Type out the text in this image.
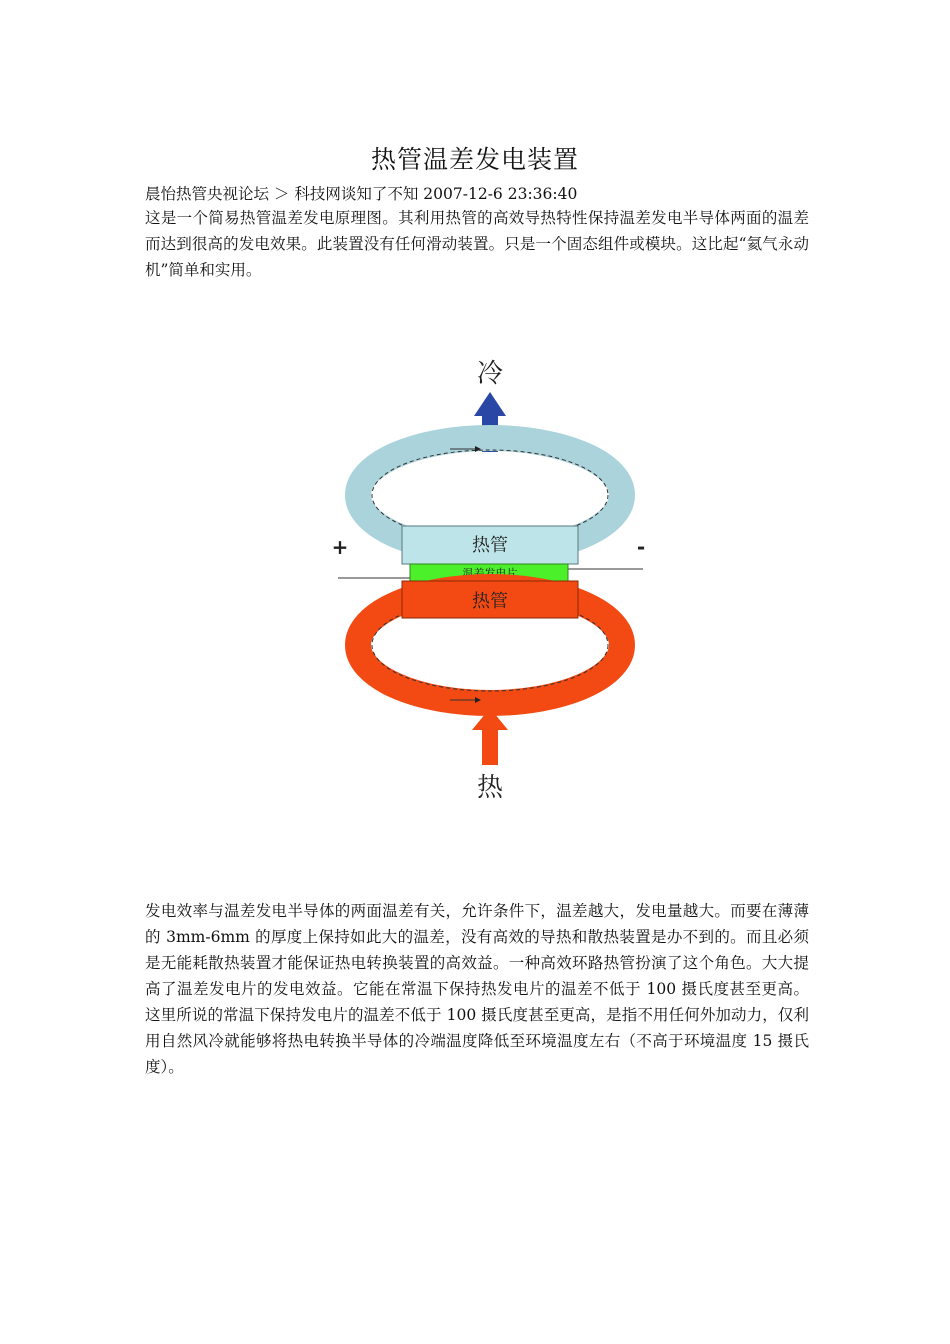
热管温差发电装置
晨怡热管央视论坛 ＞ 科技网谈知了不知 2007-12-6 23:36:40
这是一个简易热管温差发电原理图。其利用热管的高效导热特性保持温差发电半导体两面的温差而达到很高的发电效果。此装置没有任何滑动装置。只是一个固态组件或模块。这比起“氦气永动机”简单和实用。
冷
热管
+	-
温差发电片
热管
热
发电效率与温差发电半导体的两面温差有关，允许条件下，温差越大，发电量越大。而要在薄薄的 3mm-6mm 的厚度上保持如此大的温差，没有高效的导热和散热装置是办不到的。而且必须是无能耗散热装置才能保证热电转换装置的高效益。一种高效环路热管扮演了这个角色。大大提高了温差发电片的发电效益。它能在常温下保持热发电片的温差不低于 100 摄氏度甚至更高。 这里所说的常温下保持发电片的温差不低于 100 摄氏度甚至更高，是指不用任何外加动力，仅利用自然风冷就能够将热电转换半导体的冷端温度降低至环境温度左右（不高于环境温度 15 摄氏度）。
